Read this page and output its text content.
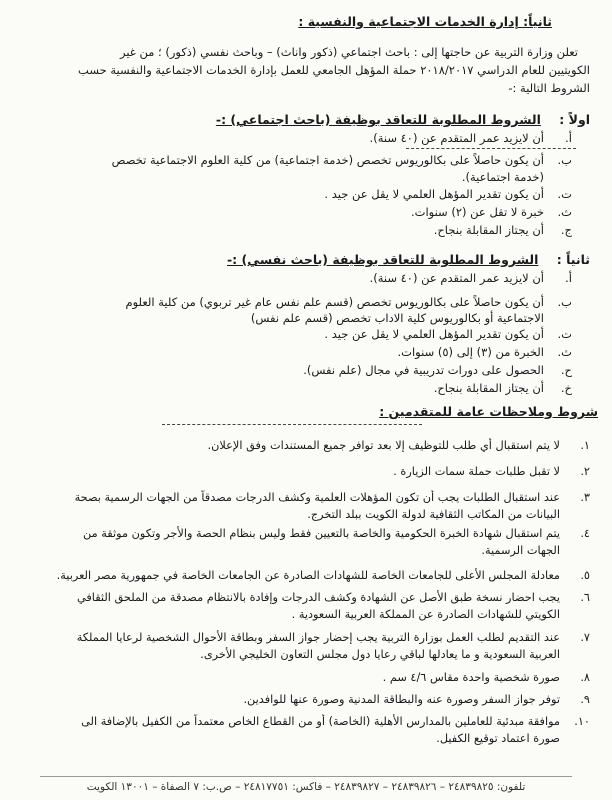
ثانياً: إدارة الخدمات الاجتماعية والنفسية :
تعلن وزارة التربية عن حاجتها إلى : باحث اجتماعي (ذكور واناث) – وباحث نفسي (ذكور) ؛ من غير
الكويتيين للعام الدراسي ٢٠١٨/٢٠١٧ حملة المؤهل الجامعي للعمل بإدارة الخدمات الاجتماعية والنفسية حسب
الشروط التالية :-
اولاً : الشروط المطلوبة للتعاقد بوظيفة (باحث اجتماعي) :-
أ.
أن لايزيد عمر المتقدم عن (٤٠ سنة).
ب.
أن يكون حاصلاً على بكالوريوس تخصص (خدمة اجتماعية) من كلية العلوم الاجتماعية تخصص
(خدمة اجتماعية).
ت.
أن يكون تقدير المؤهل العلمي لا يقل عن جيد .
ث.
خبرة لا تقل عن (٢) سنوات.
ج.
أن يجتاز المقابلة بنجاح.
ثانياً : الشروط المطلوبة للتعاقد بوظيفة (باحث نفسي) :-
أ.
أن لايزيد عمر المتقدم عن (٤٠ سنة).
ب.
أن يكون حاصلاً على بكالوريوس تخصص (قسم علم نفس عام غير تربوي) من كلية العلوم
الاجتماعية أو بكالوريوس كلية الاداب تخصص (قسم علم نفس)
ت.
أن يكون تقدير المؤهل العلمي لا يقل عن جيد .
ث.
الخبرة من (٣) إلى (٥) سنوات.
ح.
الحصول على دورات تدريبية في مجال (علم نفس).
خ.
أن يجتاز المقابلة بنجاح.
شروط وملاحظات عامة للمتقدمين :
١.
لا يتم استقبال أي طلب للتوظيف إلا بعد توافر جميع المستندات وفق الإعلان.
٢.
لا تقبل طلبات حملة سمات الزيارة .
٣.
عند استقبال الطلبات يجب أن تكون المؤهلات العلمية وكشف الدرجات مصدقاً من الجهات الرسمية بصحة
البيانات من المكاتب الثقافية لدولة الكويت ببلد التخرج.
٤.
يتم استقبال شهادة الخبرة الحكومية والخاصة بالتعيين فقط وليس بنظام الحصة والأجر وتكون موثقة من
الجهات الرسمية.
٥.
معادلة المجلس الأعلى للجامعات الخاصة للشهادات الصادرة عن الجامعات الخاصة في جمهورية مصر العربية.
٦.
يجب احضار نسخة طبق الأصل عن الشهادة وكشف الدرجات وإفادة بالانتظام مصدقة من الملحق الثقافي
الكويتي للشهادات الصادرة عن المملكة العربية السعودية .
٧.
عند التقديم لطلب العمل بوزارة التربية يجب إحضار جواز السفر وبطاقة الأحوال الشخصية لرعايا المملكة
العربية السعودية و ما يعادلها لباقي رعايا دول مجلس التعاون الخليجي الأخرى.
٨.
صورة شخصية واحدة مقاس ٤/٦ سم .
٩.
توفر جواز السفر وصورة عنه والبطاقة المدنية وصورة عنها للوافدين.
١٠.
موافقة مبدئية للعاملين بالمدارس الأهلية (الخاصة) أو من القطاع الخاص معتمداً من الكفيل بالإضافة الى
صورة اعتماد توقيع الكفيل.
تلفون: ٢٤٨٣٩٨٢٥ – ٢٤٨٣٩٨٢٦ – ٢٤٨٣٩٨٢٧ – فاكس: ٢٤٨١٧٧٥١ – ص.ب: ٧ الصفاة – ١٣٠٠١ الكويت
